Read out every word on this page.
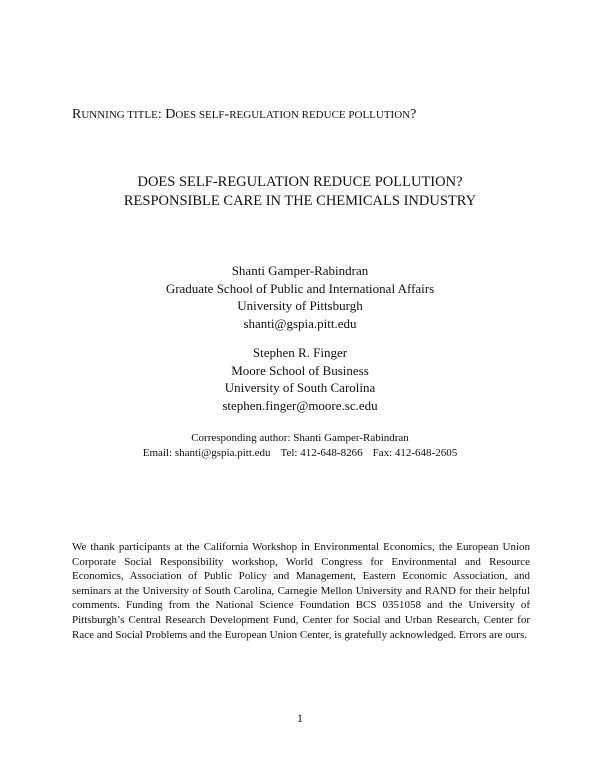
RUNNING TITLE: DOES SELF-REGULATION REDUCE POLLUTION?
DOES SELF-REGULATION REDUCE POLLUTION?
RESPONSIBLE CARE IN THE CHEMICALS INDUSTRY
Shanti Gamper-Rabindran
Graduate School of Public and International Affairs
University of Pittsburgh
shanti@gspia.pitt.edu
Stephen R. Finger
Moore School of Business
University of South Carolina
stephen.finger@moore.sc.edu
Corresponding author: Shanti Gamper-Rabindran
Email: shanti@gspia.pitt.edu Tel: 412-648-8266 Fax: 412-648-2605
We thank participants at the California Workshop in Environmental Economics, the European Union Corporate Social Responsibility workshop, World Congress for Environmental and Resource Economics, Association of Public Policy and Management, Eastern Economic Association, and seminars at the University of South Carolina, Carnegie Mellon University and RAND for their helpful comments. Funding from the National Science Foundation BCS 0351058 and the University of Pittsburgh’s Central Research Development Fund, Center for Social and Urban Research, Center for Race and Social Problems and the European Union Center, is gratefully acknowledged. Errors are ours.
1
